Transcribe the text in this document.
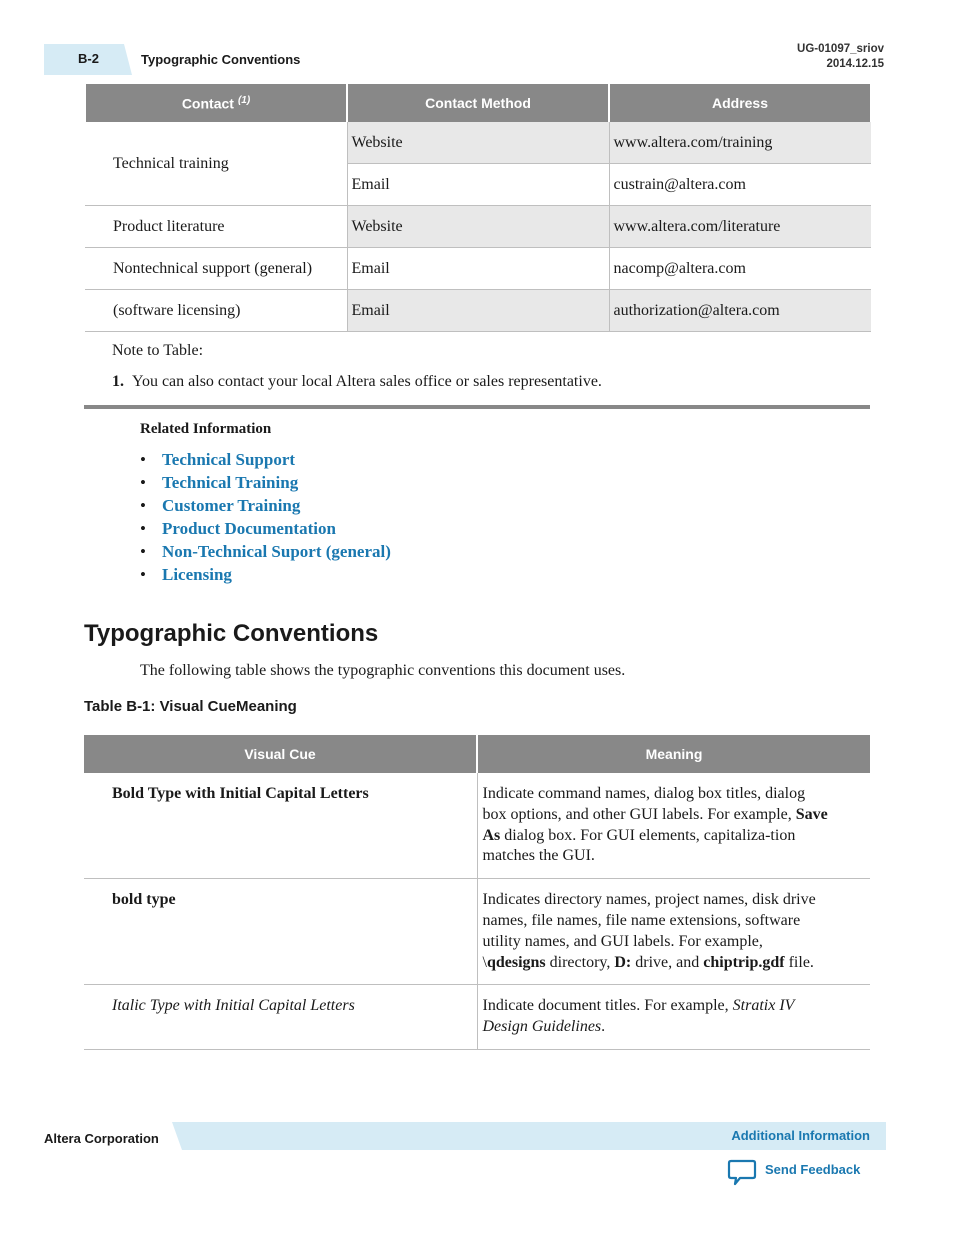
B-2	Typographic Conventions
UG-01097_sriov
2014.12.15
Contact $^{(1)}$	Contact Method	Address
Technical training	Website	www.altera.com/training
	Email	custrain@altera.com
Product literature	Website	www.altera.com/literature
Nontechnical support (general)	Email	nacomp@altera.com
(software licensing)	Email	authorization@altera.com
Note to Table:
1. You can also contact your local Altera sales office or sales representative.
Related Information
• Technical Support
• Technical Training
• Customer Training
• Product Documentation
• Non-Technical Suport (general)
• Licensing
Typographic Conventions

The following table shows the typographic conventions this document uses.

Table B-1: Visual CueMeaning

Visual Cue	Meaning
Bold Type with Initial Capital Letters	Indicate command names, dialog box titles, dialog box options, and other GUI labels. For example, Save As dialog box. For GUI elements, capitaliza-tion matches the GUI.
bold type	Indicates directory names, project names, disk drive names, file names, file name extensions, software utility names, and GUI labels. For example, \qdesigns directory, D: drive, and chiptrip.gdf file.
Italic Type with Initial Capital Letters	Indicate document titles. For example, Stratix IV Design Guidelines.
Altera Corporation	Additional Information
Send Feedback
